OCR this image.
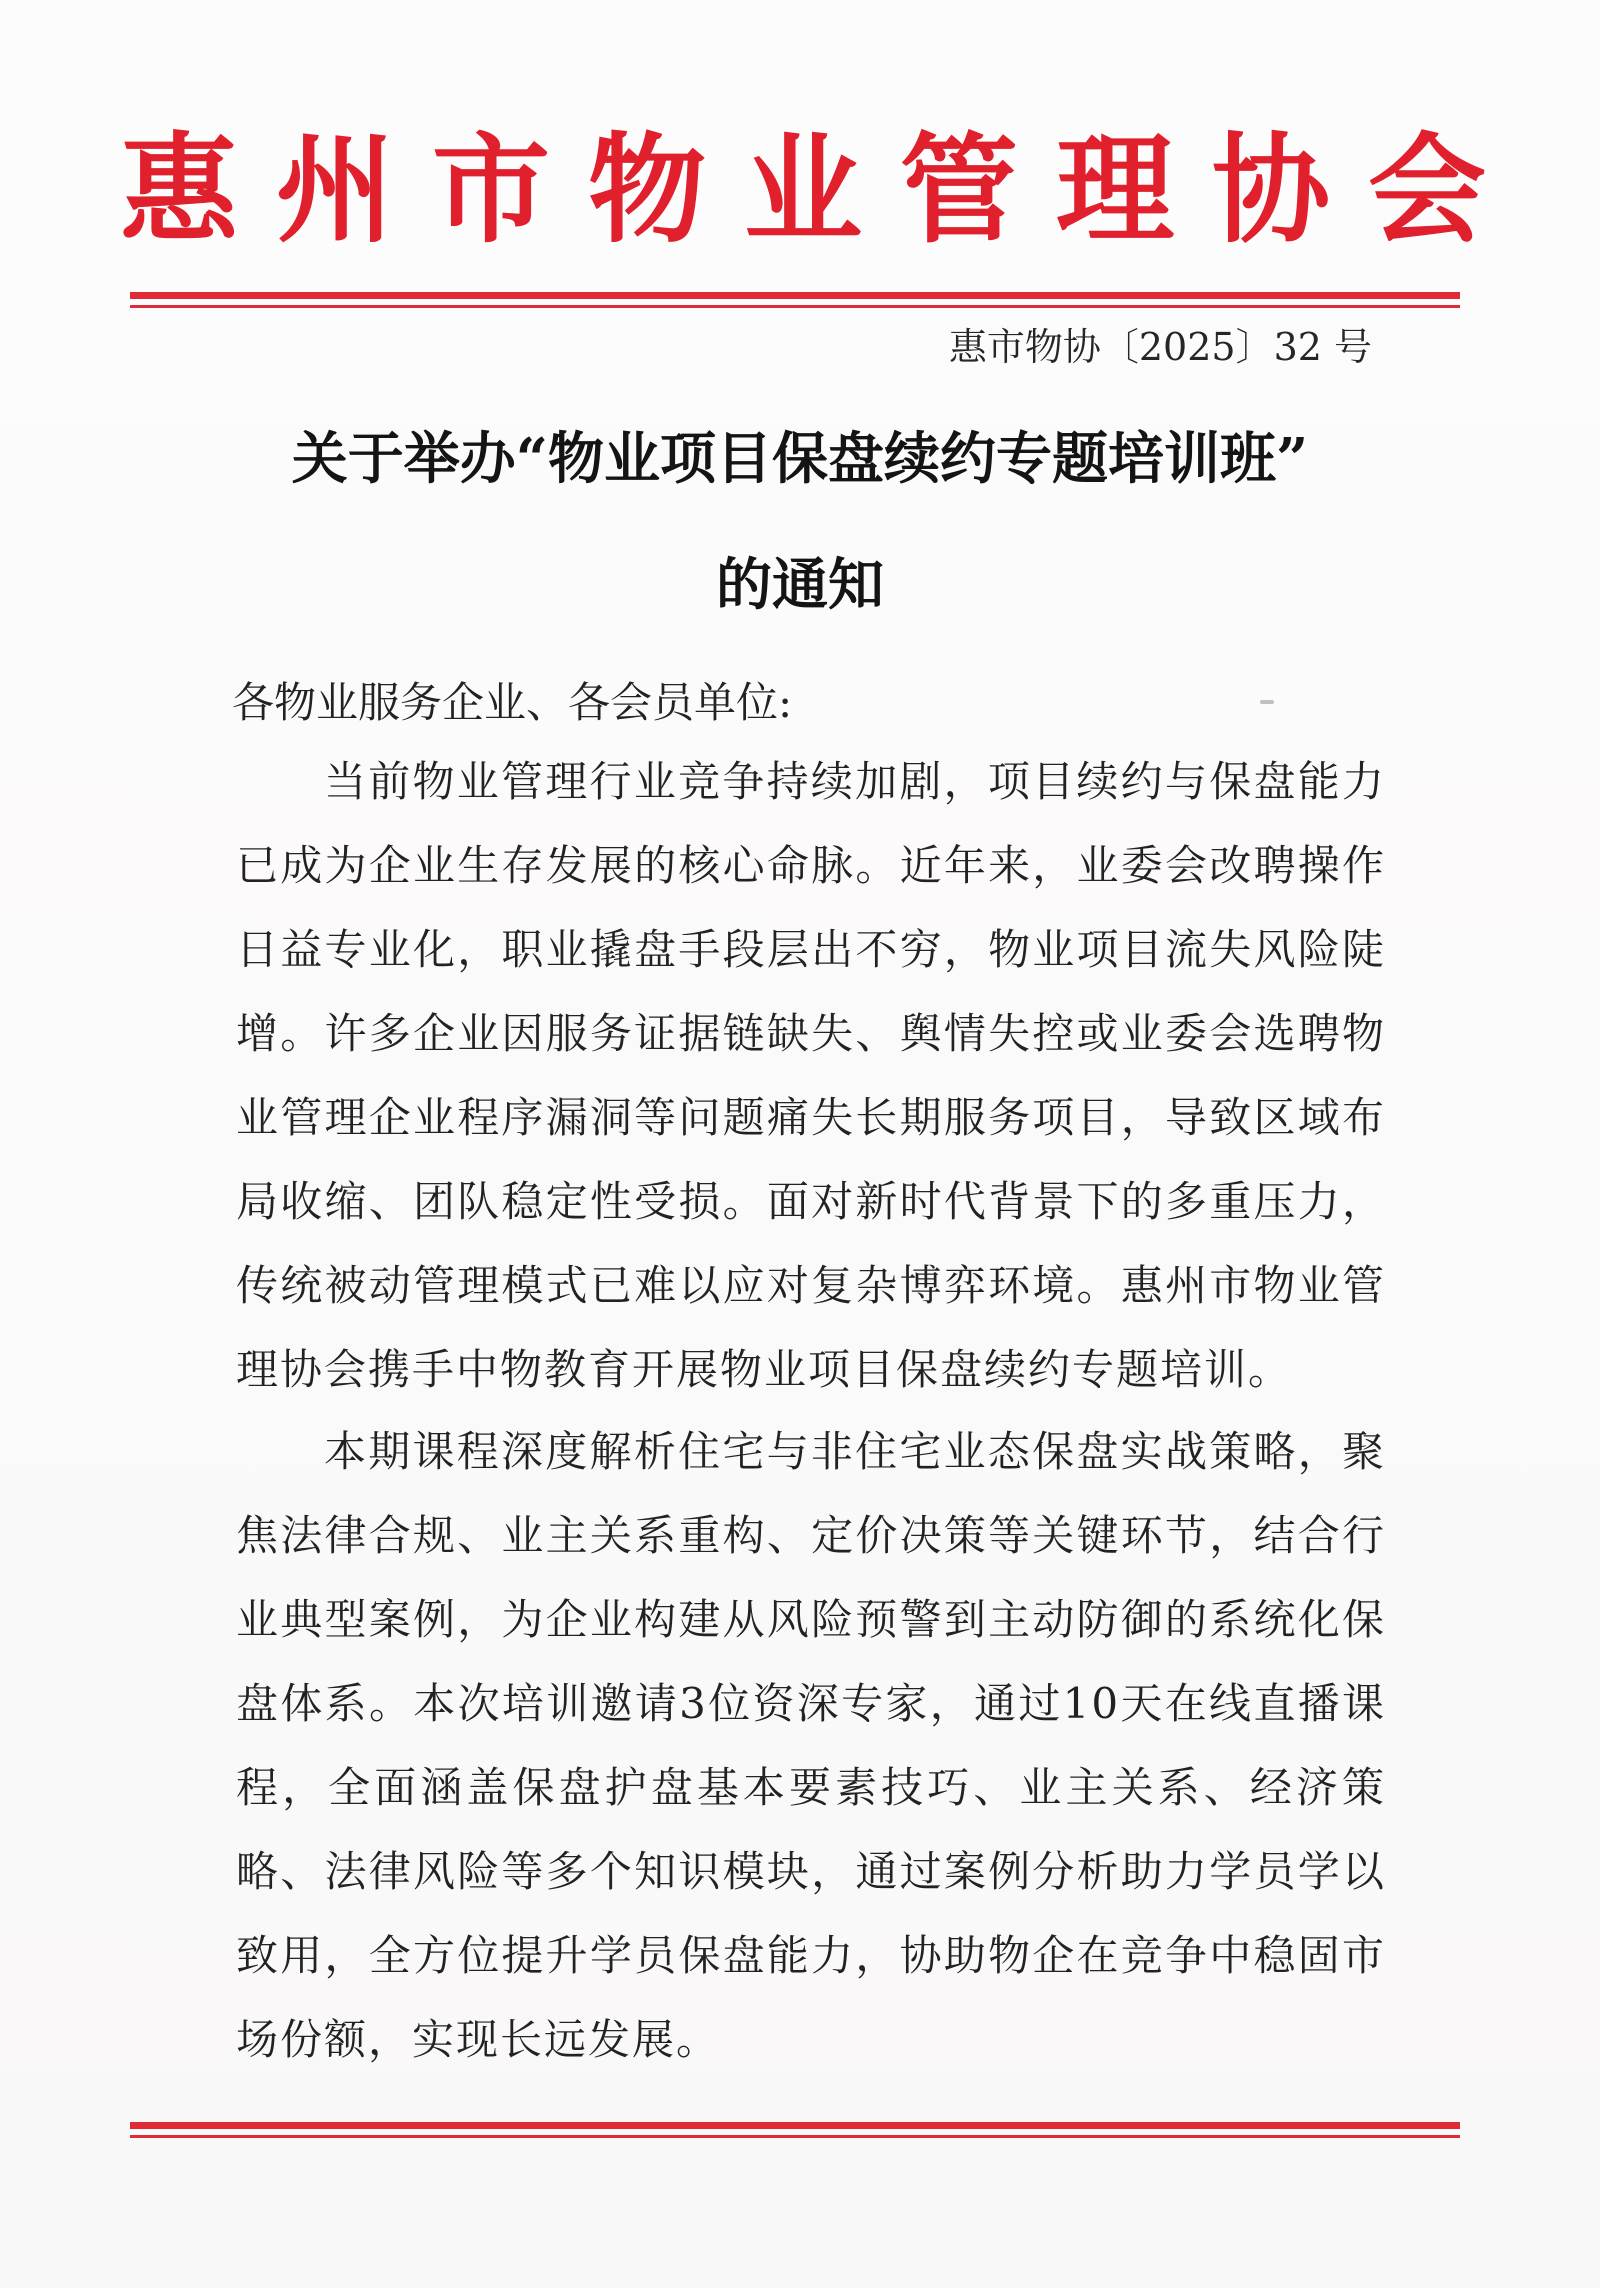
惠州市物业管理协会
惠市物协〔2025〕32 号
关于举办“物业项目保盘续约专题培训班”
的通知
各物业服务企业、各会员单位:

当前物业管理行业竞争持续加剧，项目续约与保盘能力已成为企业生存发展的核心命脉。近年来，业委会改聘操作日益专业化，职业撬盘手段层出不穷，物业项目流失风险陡增。许多企业因服务证据链缺失、舆情失控或业委会选聘物业管理企业程序漏洞等问题痛失长期服务项目，导致区域布局收缩、团队稳定性受损。面对新时代背景下的多重压力，传统被动管理模式已难以应对复杂博弈环境。惠州市物业管理协会携手中物教育开展物业项目保盘续约专题培训。

本期课程深度解析住宅与非住宅业态保盘实战策略，聚焦法律合规、业主关系重构、定价决策等关键环节，结合行业典型案例，为企业构建从风险预警到主动防御的系统化保盘体系。本次培训邀请3位资深专家，通过10天在线直播课程，全面涵盖保盘护盘基本要素技巧、业主关系、经济策略、法律风险等多个知识模块，通过案例分析助力学员学以致用，全方位提升学员保盘能力，协助物企在竞争中稳固市场份额，实现长远发展。
